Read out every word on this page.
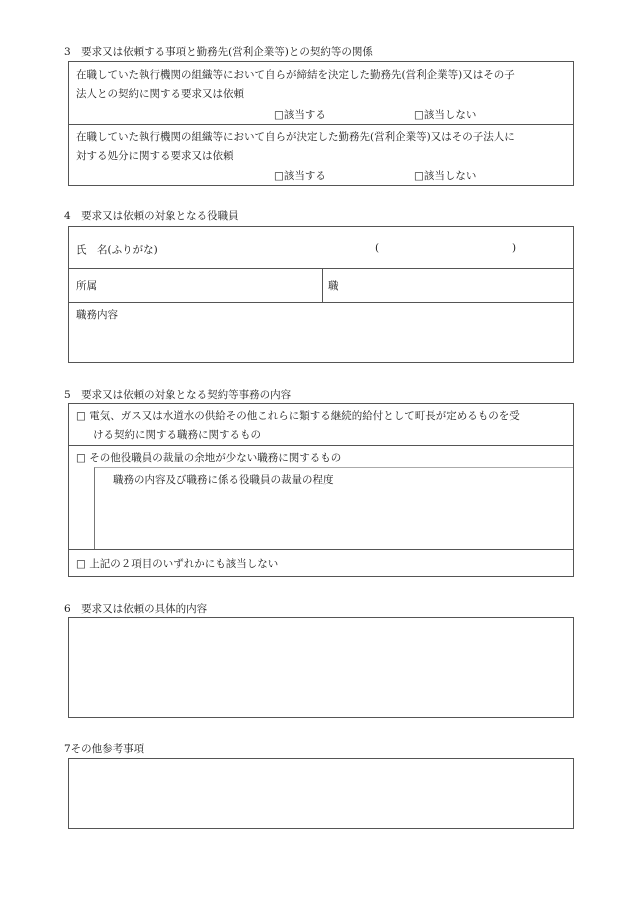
3　要求又は依頼する事項と勤務先(営利企業等)との契約等の関係
在職していた執行機関の組織等において自らが締結を決定した勤務先(営利企業等)又はその子
法人との契約に関する要求又は依頼
□該当する	□該当しない
在職していた執行機関の組織等において自らが決定した勤務先(営利企業等)又はその子法人に
対する処分に関する要求又は依頼
□該当する	□該当しない
4　要求又は依頼の対象となる役職員
氏　名(ふりがな)	(	)
所属	職
職務内容
5　要求又は依頼の対象となる契約等事務の内容
□ 電気、ガス又は水道水の供給その他これらに類する継続的給付として町長が定めるものを受
ける契約に関する職務に関するもの
□ その他役職員の裁量の余地が少ない職務に関するもの
職務の内容及び職務に係る役職員の裁量の程度
□ 上記の２項目のいずれかにも該当しない
6　要求又は依頼の具体的内容
7その他参考事項
